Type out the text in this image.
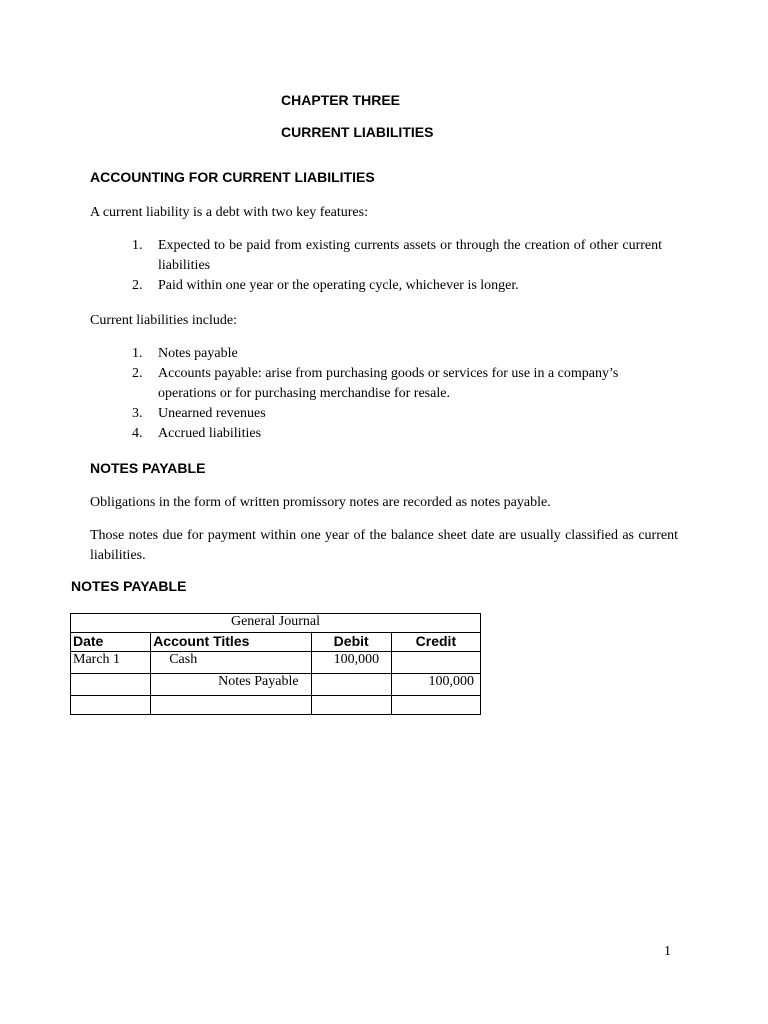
CHAPTER THREE
CURRENT LIABILITIES
ACCOUNTING FOR CURRENT LIABILITIES
A current liability is a debt with two key features:
1. Expected to be paid from existing currents assets or through the creation of other current liabilities
2. Paid within one year or the operating cycle, whichever is longer.
Current liabilities include:
1. Notes payable
2. Accounts payable: arise from purchasing goods or services for use in a company’s operations or for purchasing merchandise for resale.
3. Unearned revenues
4. Accrued liabilities
NOTES PAYABLE
Obligations in the form of written promissory notes are recorded as notes payable.
Those notes due for payment within one year of the balance sheet date are usually classified as current liabilities.
NOTES PAYABLE
General Journal			
Date	Account Titles	Debit	Credit
March 1	Cash	100,000	
	Notes Payable		100,000

1
